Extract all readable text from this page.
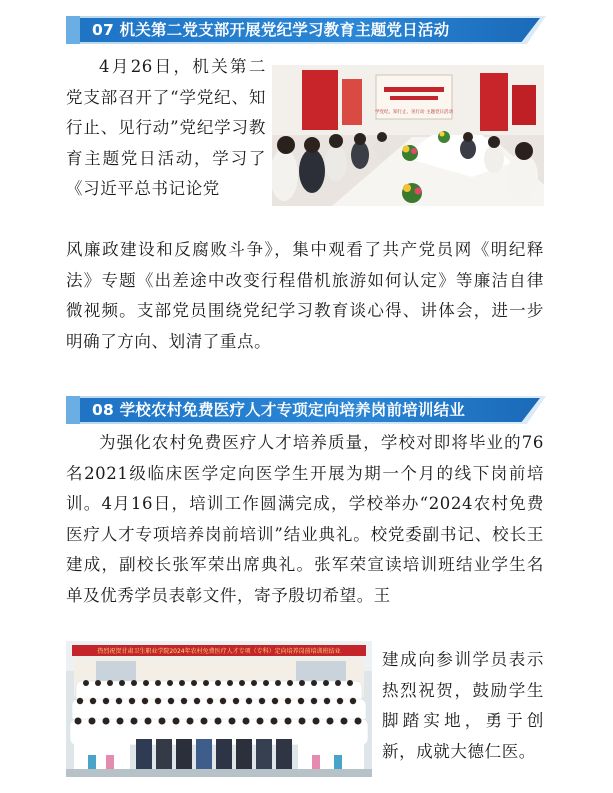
07 机关第二党支部开展党纪学习教育主题党日活动
4月26日，机关第二党支部召开了“学党纪、知行止、见行动”党纪学习教育主题党日活动，学习了《习近平总书记论党
学党纪、知行止、见行动 主题党日活动
风廉政建设和反腐败斗争》，集中观看了共产党员网《明纪释法》专题《出差途中改变行程借机旅游如何认定》等廉洁自律微视频。支部党员围绕党纪学习教育谈心得、讲体会，进一步明确了方向、划清了重点。
08 学校农村免费医疗人才专项定向培养岗前培训结业
为强化农村免费医疗人才培养质量，学校对即将毕业的76名2021级临床医学定向医学生开展为期一个月的线下岗前培训。4月16日，培训工作圆满完成，学校举办“2024农村免费医疗人才专项培养岗前培训”结业典礼。校党委副书记、校长王建成，副校长张军荣出席典礼。张军荣宣读培训班结业学生名单及优秀学员表彰文件，寄予殷切希望。王
热烈祝贺甘肃卫生职业学院2024年农村免费医疗人才专项（专科）定向培养岗前培训班结业	建成向参训学员表示热烈祝贺，鼓励学生脚踏实地，勇于创新，成就大德仁医。
